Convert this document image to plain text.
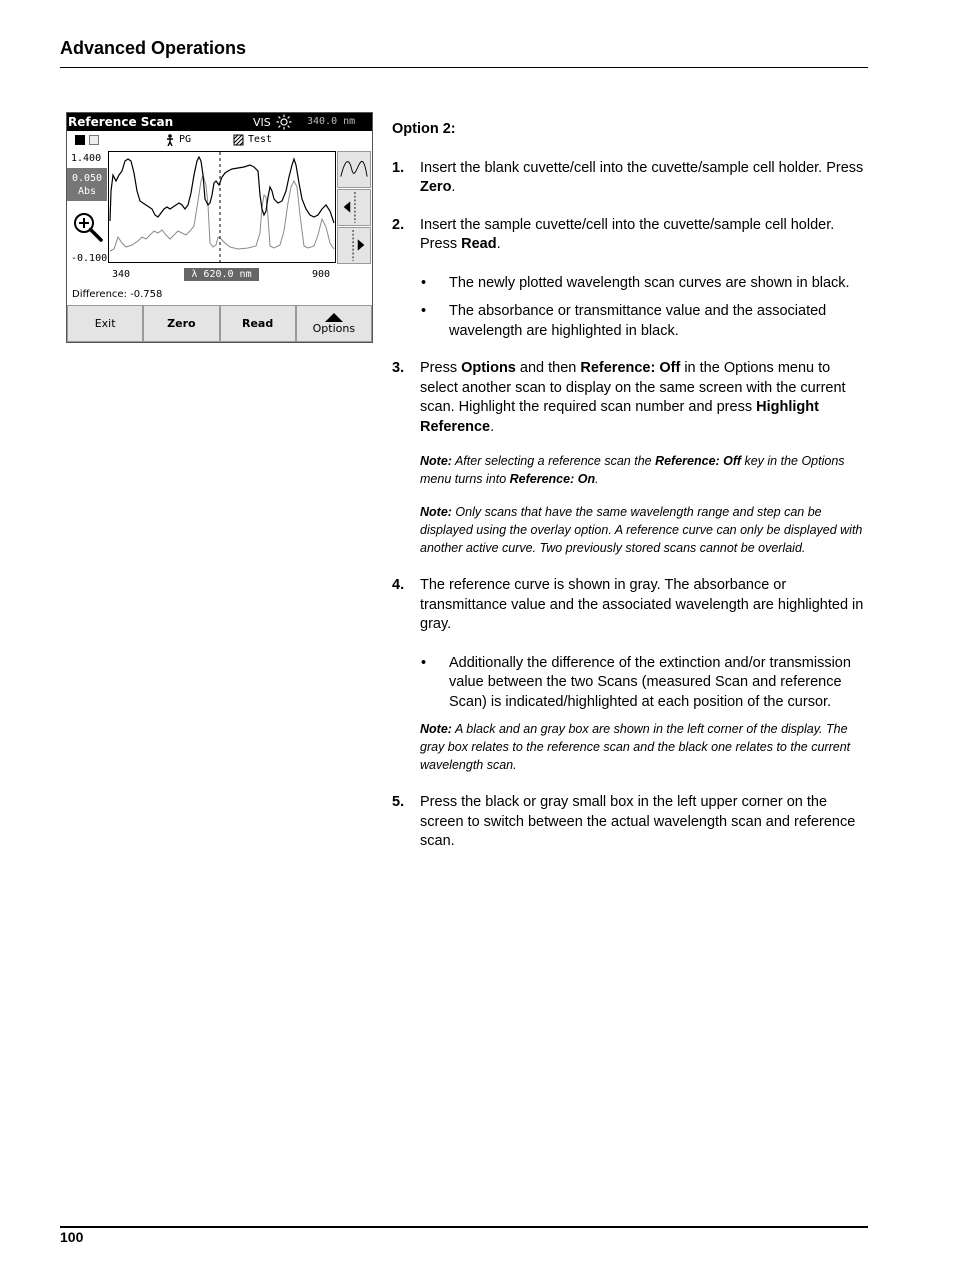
Advanced Operations
Reference Scan	VIS	340.0 nm
PG	Test
1.400
0.050
Abs
-0.100
340	λ 620.0 nm	900
Difference: -0.758
Exit	Zero	Read	Options

Option 2:

1. Insert the blank cuvette/cell into the cuvette/sample cell holder. Press Zero.

2. Insert the sample cuvette/cell into the cuvette/sample cell holder. Press Read.

• The newly plotted wavelength scan curves are shown in black.

• The absorbance or transmittance value and the associated wavelength are highlighted in black.

3. Press Options and then Reference: Off in the Options menu to select another scan to display on the same screen with the current scan. Highlight the required scan number and press Highlight Reference.

Note: After selecting a reference scan the Reference: Off key in the Options menu turns into Reference: On.

Note: Only scans that have the same wavelength range and step can be displayed using the overlay option. A reference curve can only be displayed with another active curve. Two previously stored scans cannot be overlaid.

4. The reference curve is shown in gray. The absorbance or transmittance value and the associated wavelength are highlighted in gray.

• Additionally the difference of the extinction and/or transmission value between the two Scans (measured Scan and reference Scan) is indicated/highlighted at each position of the cursor.

Note: A black and an gray box are shown in the left corner of the display. The gray box relates to the reference scan and the black one relates to the current wavelength scan.

5. Press the black or gray small box in the left upper corner on the screen to switch between the actual wavelength scan and reference scan.

100
